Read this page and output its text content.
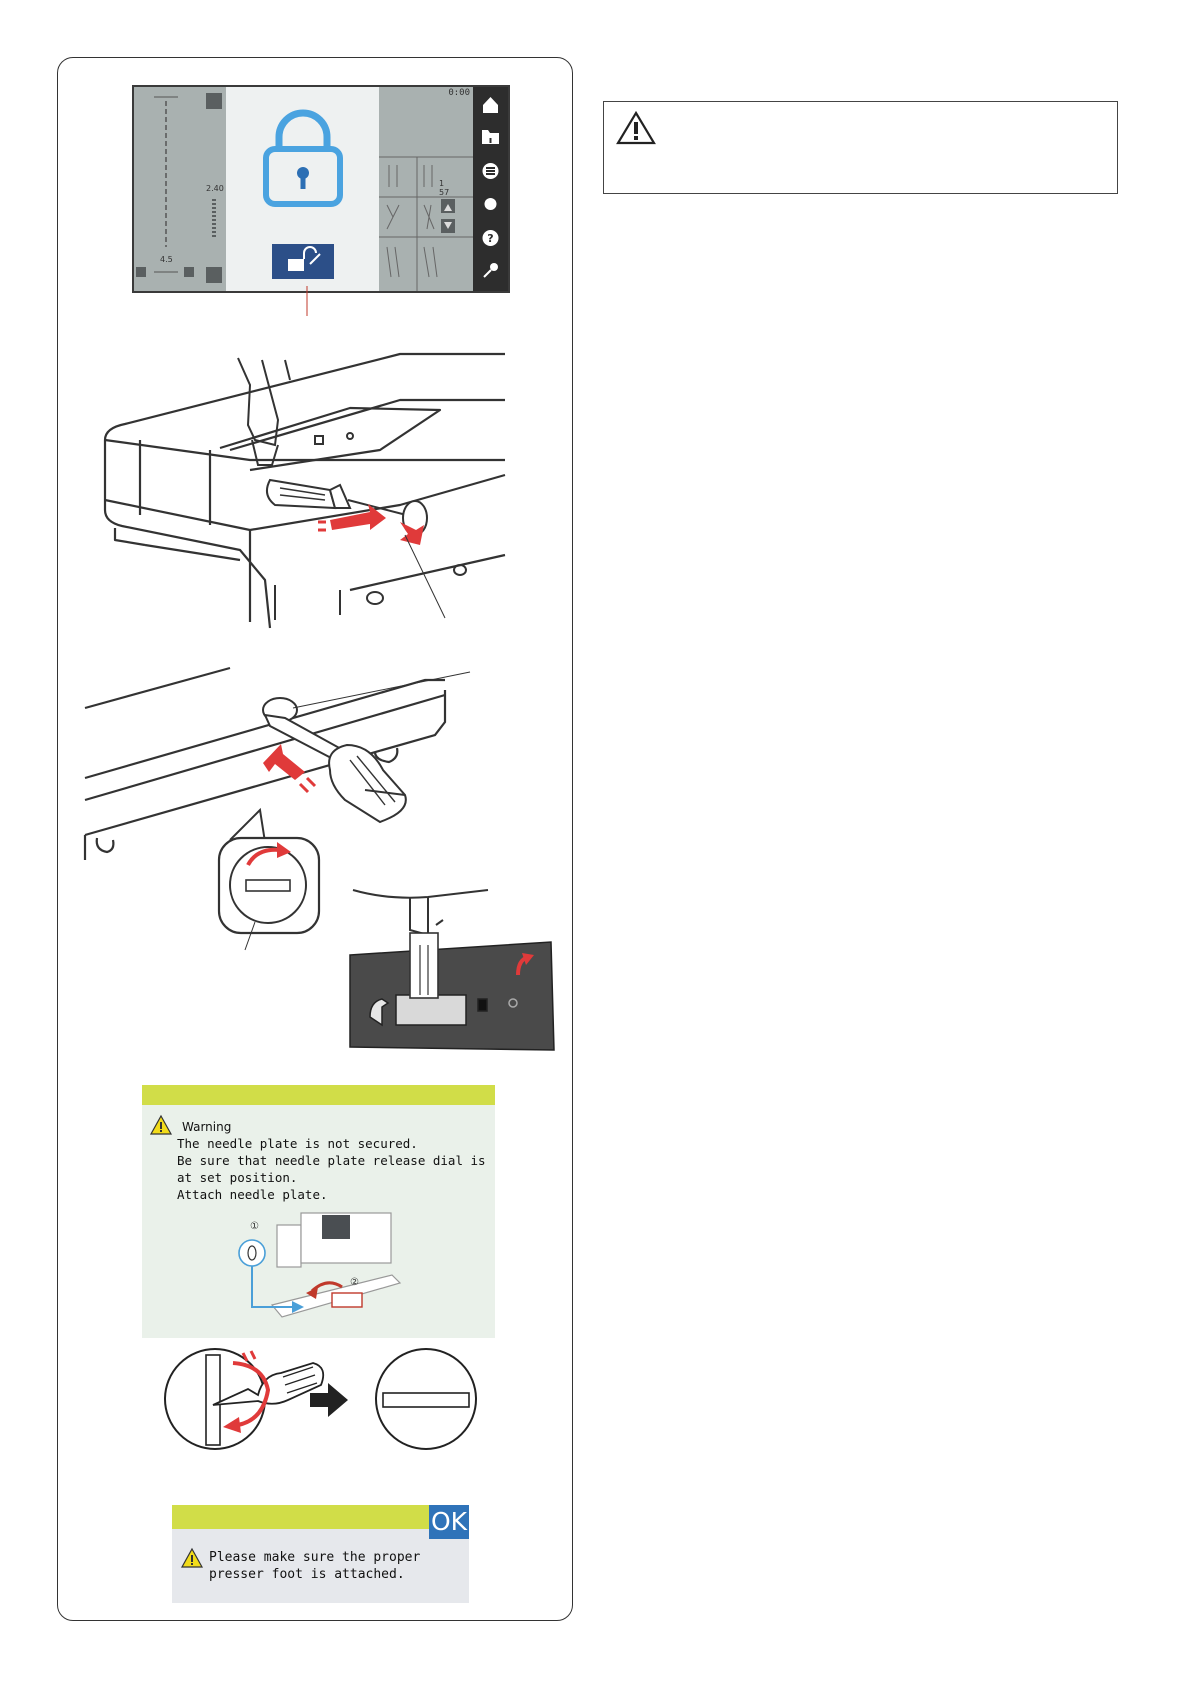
2.40
4.5
1
57
0:00
?
Warning
The needle plate is not secured.
Be sure that needle plate release dial is
at set position.
Attach needle plate.
①
②
OK
Please make sure the proper
presser foot is attached.
